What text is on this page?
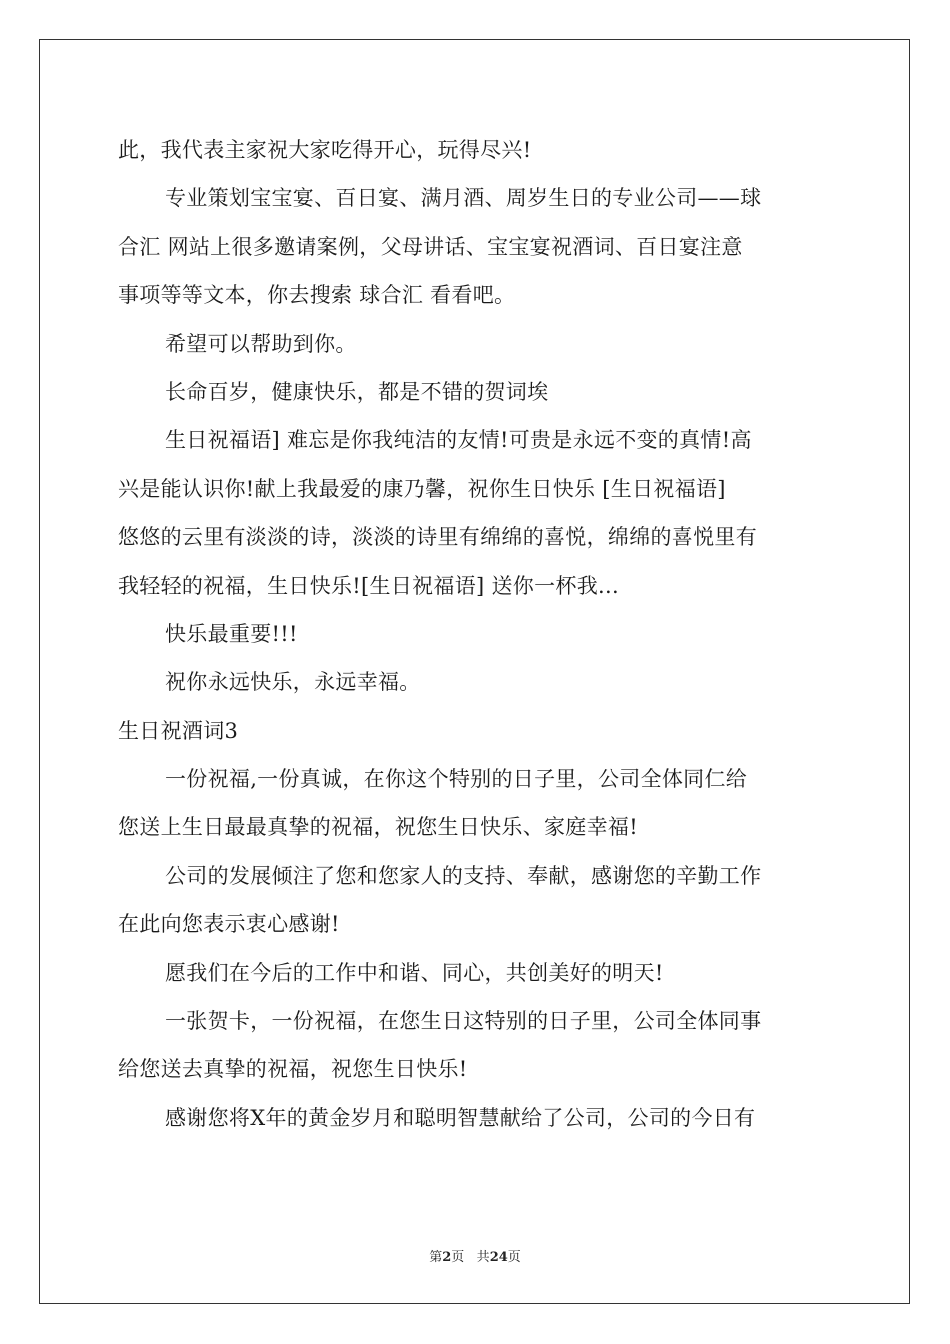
此，我代表主家祝大家吃得开心，玩得尽兴!
专业策划宝宝宴、百日宴、满月酒、周岁生日的专业公司——球
合汇 网站上很多邀请案例，父母讲话、宝宝宴祝酒词、百日宴注意
事项等等文本，你去搜索 球合汇 看看吧。
希望可以帮助到你。
长命百岁，健康快乐，都是不错的贺词埃
生日祝福语] 难忘是你我纯洁的友情!可贵是永远不变的真情!高
兴是能认识你!献上我最爱的康乃馨，祝你生日快乐 [生日祝福语]
悠悠的云里有淡淡的诗，淡淡的诗里有绵绵的喜悦，绵绵的喜悦里有
我轻轻的祝福，生日快乐![生日祝福语] 送你一杯我...
快乐最重要!!!
祝你永远快乐，永远幸福。
生日祝酒词3
一份祝福,一份真诚，在你这个特别的日子里，公司全体同仁给
您送上生日最最真挚的祝福，祝您生日快乐、家庭幸福!
公司的发展倾注了您和您家人的支持、奉献，感谢您的辛勤工作
在此向您表示衷心感谢!
愿我们在今后的工作中和谐、同心，共创美好的明天!
一张贺卡，一份祝福，在您生日这特别的日子里，公司全体同事
给您送去真挚的祝福，祝您生日快乐!
感谢您将X年的黄金岁月和聪明智慧献给了公司，公司的今日有
第2页 共24页
